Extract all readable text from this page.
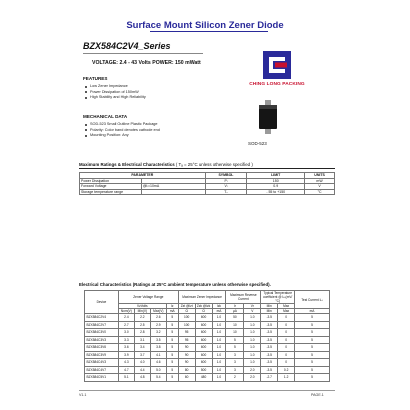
Surface Mount Silicon Zener Diode
BZX584C2V4_Series
VOLTAGE: 2.4 - 43 Volts POWER: 150 mWatt
FEATURES
Low Zener Impedance
Power Dissipation of 150mW
High Stability and High Reliability
MECHANICAL DATA
SOD-523 Small Outline Plastic Package
Polarity: Color band denotes cathode end
Mounting Position: Any
CHING LONG PACKING
SOD-523
Maximum Ratings & Electrical Characteristics ( Tₐ = 25°C unless otherwise specified )
PARAMETER		SYMBOL	LIMIT	UNITS
Power Dissipation		Pₗ	150	mW
Forward Voltage	@Iₗ=10mA	Vₗ	0.9	V
Storage temperature range		Tₛ	- 55 to +150	°C
Electrical Characteristics (Ratings at 25°C ambient temperature unless otherwise specified).
Device	Zener Voltage Range				Maximum Zener Impedance			Maximum Reverse Current		Typical Temperature coefficient @ Iₖₜ(mV/°C)		Test Current Iₖₜ
	VzVolts			Iz	Zzt @Izt	Zzk @Izk	Izk	Ir	Vr	Min	Max	
	Nom(V)	Min(V)	Max(V)	mA	Ω	Ω	mA	μA	V	Min	Max	mA
BZX584C2V4	2.4	2.2	2.6	5	100	600	1.0	50	1.0	-3.5	0	5
BZX584C2V7	2.7	2.5	2.9	5	100	600	1.0	10	1.0	-3.5	0	5
BZX584C3V0	3.0	2.8	3.2	5	95	600	1.0	10	1.0	-3.5	0	5
BZX584C3V3	3.3	3.1	3.5	5	95	600	1.0	5	1.0	-3.5	0	5
BZX584C3V6	3.6	3.4	3.8	5	90	600	1.0	5	1.0	-3.5	0	5
BZX584C3V9	3.9	3.7	4.1	5	90	600	1.0	3	1.0	-3.5	0	5
BZX584C4V3	4.3	4.0	4.6	5	90	600	1.0	3	1.0	-3.5	0	5
BZX584C4V7	4.7	4.4	5.0	5	80	500	1.0	3	2.0	-3.5	0.2	5
BZX584C5V1	5.1	4.8	5.4	5	60	480	1.0	2	2.0	-2.7	1.2	5
V1.1	PAGE.1
